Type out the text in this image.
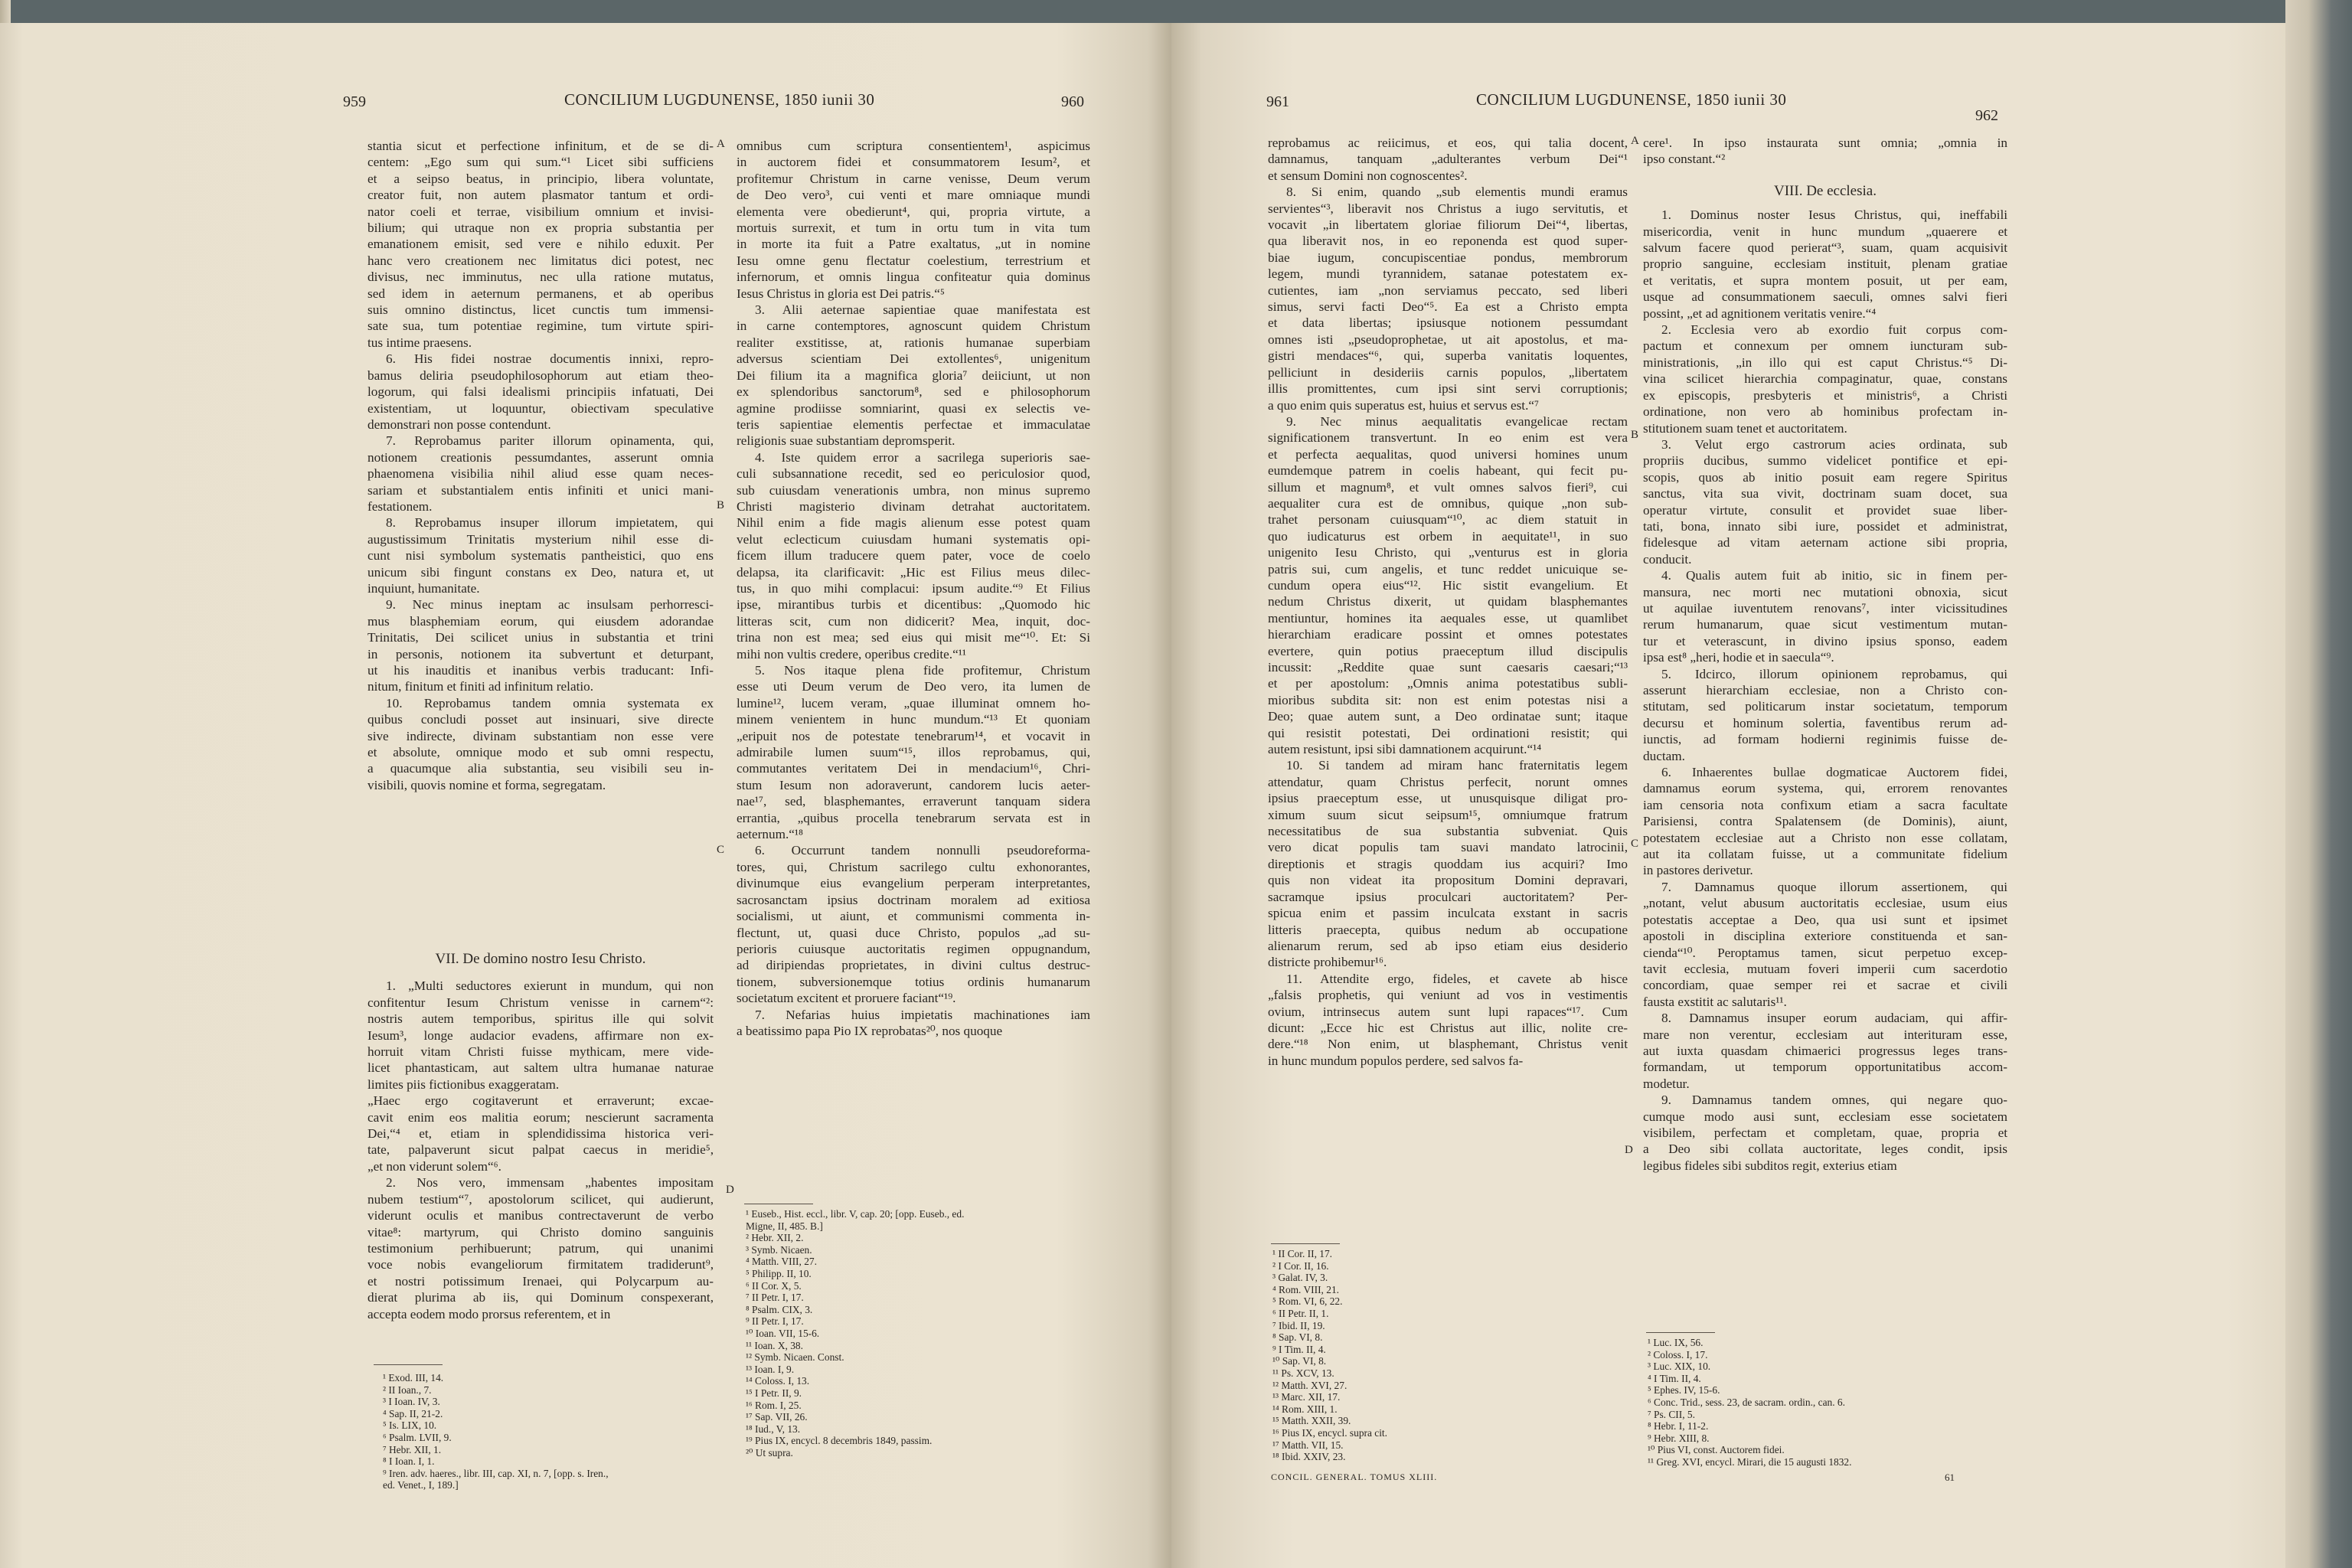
959	CONCILIUM LUGDUNENSE, 1850 iunii 30	960

stantia sicut et perfectione infinitum, et de se di-

centem: „Ego sum qui sum.“¹ Licet sibi sufficiens

et a seipso beatus, in principio, libera voluntate,

creator fuit, non autem plasmator tantum et ordi-

nator coeli et terrae, visibilium omnium et invisi-

bilium; qui utraque non ex propria substantia per

emanationem emisit, sed vere e nihilo eduxit. Per

hanc vero creationem nec limitatus dici potest, nec

divisus, nec imminutus, nec ulla ratione mutatus,

sed idem in aeternum permanens, et ab operibus

suis omnino distinctus, licet cunctis tum immensi-

sate sua, tum potentiae regimine, tum virtute spiri-

tus intime praesens.

6. His fidei nostrae documentis innixi, repro-

bamus deliria pseudophilosophorum aut etiam theo-

logorum, qui falsi idealismi principiis infatuati, Dei

existentiam, ut loquuntur, obiectivam speculative

demonstrari non posse contendunt.

7. Reprobamus pariter illorum opinamenta, qui,

notionem creationis pessumdantes, asserunt omnia

phaenomena visibilia nihil aliud esse quam neces-

sariam et substantialem entis infiniti et unici mani-

festationem.

8. Reprobamus insuper illorum impietatem, qui

augustissimum Trinitatis mysterium nihil esse di-

cunt nisi symbolum systematis pantheistici, quo ens

unicum sibi fingunt constans ex Deo, natura et, ut

inquiunt, humanitate.

9. Nec minus ineptam ac insulsam perhorresci-

mus blasphemiam eorum, qui eiusdem adorandae

Trinitatis, Dei scilicet unius in substantia et trini

in personis, notionem ita subvertunt et deturpant,

ut his inauditis et inanibus verbis traducant: Infi-

nitum, finitum et finiti ad infinitum relatio.

10. Reprobamus tandem omnia systemata ex

quibus concludi posset aut insinuari, sive directe

sive indirecte, divinam substantiam non esse vere

et absolute, omnique modo et sub omni respectu,

a quacumque alia substantia, seu visibili seu in-

visibili, quovis nomine et forma, segregatam.

VII. De domino nostro Iesu Christo.

1. „Multi seductores exierunt in mundum, qui non

confitentur Iesum Christum venisse in carnem“²:

nostris autem temporibus, spiritus ille qui solvit

Iesum³, longe audacior evadens, affirmare non ex-

horruit vitam Christi fuisse mythicam, mere vide-

licet phantasticam, aut saltem ultra humanae naturae

limites piis fictionibus exaggeratam.

„Haec ergo cogitaverunt et erraverunt; excae-

cavit enim eos malitia eorum; nescierunt sacramenta

Dei,“⁴ et, etiam in splendidissima historica veri-

tate, palpaverunt sicut palpat caecus in meridie⁵,

„et non viderunt solem“⁶.

2. Nos vero, immensam „habentes impositam

nubem testium“⁷, apostolorum scilicet, qui audierunt,

viderunt oculis et manibus contrectaverunt de verbo

vitae⁸: martyrum, qui Christo domino sanguinis

testimonium perhibuerunt; patrum, qui unanimi

voce nobis evangeliorum firmitatem tradiderunt⁹,

et nostri potissimum Irenaei, qui Polycarpum au-

dierat plurima ab iis, qui Dominum conspexerant,

accepta eodem modo prorsus referentem, et in

¹ Exod. III, 14.
² II Ioan., 7.
³ I Ioan. IV, 3.
⁴ Sap. II, 21-2.
⁵ Is. LIX, 10.
⁶ Psalm. LVII, 9.
⁷ Hebr. XII, 1.
⁸ I Ioan. I, 1.
⁹ Iren. adv. haeres., libr. III, cap. XI, n. 7, [opp. s. Iren.,
ed. Venet., I, 189.]
A
B
C
D

omnibus cum scriptura consentientem¹, aspicimus

in auctorem fidei et consummatorem Iesum², et

profitemur Christum in carne venisse, Deum verum

de Deo vero³, cui venti et mare omniaque mundi

elementa vere obedierunt⁴, qui, propria virtute, a

mortuis surrexit, et tum in ortu tum in vita tum

in morte ita fuit a Patre exaltatus, „ut in nomine

Iesu omne genu flectatur coelestium, terrestrium et

infernorum, et omnis lingua confiteatur quia dominus

Iesus Christus in gloria est Dei patris.“⁵

3. Alii aeternae sapientiae quae manifestata est

in carne contemptores, agnoscunt quidem Christum

realiter exstitisse, at, rationis humanae superbiam

adversus scientiam Dei extollentes⁶, unigenitum

Dei filium ita a magnifica gloria⁷ deiiciunt, ut non

ex splendoribus sanctorum⁸, sed e philosophorum

agmine prodiisse somniarint, quasi ex selectis ve-

teris sapientiae elementis perfectae et immaculatae

religionis suae substantiam depromsperit.

4. Iste quidem error a sacrilega superioris sae-

culi subsannatione recedit, sed eo periculosior quod,

sub cuiusdam venerationis umbra, non minus supremo

Christi magisterio divinam detrahat auctoritatem.

Nihil enim a fide magis alienum esse potest quam

velut eclecticum cuiusdam humani systematis opi-

ficem illum traducere quem pater, voce de coelo

delapsa, ita clarificavit: „Hic est Filius meus dilec-

tus, in quo mihi complacui: ipsum audite.“⁹ Et Filius

ipse, mirantibus turbis et dicentibus: „Quomodo hic

litteras scit, cum non didicerit? Mea, inquit, doc-

trina non est mea; sed eius qui misit me“¹⁰. Et: Si

mihi non vultis credere, operibus credite.“¹¹

5. Nos itaque plena fide profitemur, Christum

esse uti Deum verum de Deo vero, ita lumen de

lumine¹², lucem veram, „quae illuminat omnem ho-

minem venientem in hunc mundum.“¹³ Et quoniam

„eripuit nos de potestate tenebrarum¹⁴, et vocavit in

admirabile lumen suum“¹⁵, illos reprobamus, qui,

commutantes veritatem Dei in mendacium¹⁶, Chri-

stum Iesum non adoraverunt, candorem lucis aeter-

nae¹⁷, sed, blasphemantes, erraverunt tanquam sidera

errantia, „quibus procella tenebrarum servata est in

aeternum.“¹⁸

6. Occurrunt tandem nonnulli pseudoreforma-

tores, qui, Christum sacrilego cultu exhonorantes,

divinumque eius evangelium perperam interpretantes,

sacrosanctam ipsius doctrinam moralem ad exitiosa

socialismi, ut aiunt, et communismi commenta in-

flectunt, ut, quasi duce Christo, populos „ad su-

perioris cuiusque auctoritatis regimen oppugnandum,

ad diripiendas proprietates, in divini cultus destruc-

tionem, subversionemque totius ordinis humanarum

societatum excitent et proruere faciant“¹⁹.

7. Nefarias huius impietatis machinationes iam

a beatissimo papa Pio IX reprobatas²⁰, nos quoque

¹ Euseb., Hist. eccl., libr. V, cap. 20; [opp. Euseb., ed.
Migne, II, 485. B.]
² Hebr. XII, 2.
³ Symb. Nicaen.
⁴ Matth. VIII, 27.
⁵ Philipp. II, 10.
⁶ II Cor. X, 5.
⁷ II Petr. I, 17.
⁸ Psalm. CIX, 3.
⁹ II Petr. I, 17.
¹⁰ Ioan. VII, 15-6.
¹¹ Ioan. X, 38.
¹² Symb. Nicaen. Const.
¹³ Ioan. I, 9.
¹⁴ Coloss. I, 13.
¹⁵ I Petr. II, 9.
¹⁶ Rom. I, 25.
¹⁷ Sap. VII, 26.
¹⁸ Iud., V, 13.
¹⁹ Pius IX, encycl. 8 decembris 1849, passim.
²⁰ Ut supra.
961	CONCILIUM LUGDUNENSE, 1850 iunii 30
962

reprobamus ac reiicimus, et eos, qui talia docent,

damnamus, tanquam „adulterantes verbum Dei“¹

et sensum Domini non cognoscentes².

8. Si enim, quando „sub elementis mundi eramus

servientes“³, liberavit nos Christus a iugo servitutis, et

vocavit „in libertatem gloriae filiorum Dei“⁴, libertas,

qua liberavit nos, in eo reponenda est quod super-

biae iugum, concupiscentiae pondus, membrorum

legem, mundi tyrannidem, satanae potestatem ex-

cutientes, iam „non serviamus peccato, sed liberi

simus, servi facti Deo“⁵. Ea est a Christo empta

et data libertas; ipsiusque notionem pessumdant

omnes isti „pseudoprophetae, ut ait apostolus, et ma-

gistri mendaces“⁶, qui, superba vanitatis loquentes,

pelliciunt in desideriis carnis populos, „libertatem

illis promittentes, cum ipsi sint servi corruptionis;

a quo enim quis superatus est, huius et servus est.“⁷

9. Nec minus aequalitatis evangelicae rectam

significationem transvertunt. In eo enim est vera

et perfecta aequalitas, quod universi homines unum

eumdemque patrem in coelis habeant, qui fecit pu-

sillum et magnum⁸, et vult omnes salvos fieri⁹, cui

aequaliter cura est de omnibus, quique „non sub-

trahet personam cuiusquam“¹⁰, ac diem statuit in

quo iudicaturus est orbem in aequitate¹¹, in suo

unigenito Iesu Christo, qui „venturus est in gloria

patris sui, cum angelis, et tunc reddet unicuique se-

cundum opera eius“¹². Hic sistit evangelium. Et

nedum Christus dixerit, ut quidam blasphemantes

mentiuntur, homines ita aequales esse, ut quamlibet

hierarchiam eradicare possint et omnes potestates

evertere, quin potius praeceptum illud discipulis

incussit: „Reddite quae sunt caesaris caesari;“¹³

et per apostolum: „Omnis anima potestatibus subli-

mioribus subdita sit: non est enim potestas nisi a

Deo; quae autem sunt, a Deo ordinatae sunt; itaque

qui resistit potestati, Dei ordinationi resistit; qui

autem resistunt, ipsi sibi damnationem acquirunt.“¹⁴

10. Si tandem ad miram hanc fraternitatis legem

attendatur, quam Christus perfecit, norunt omnes

ipsius praeceptum esse, ut unusquisque diligat pro-

ximum suum sicut seipsum¹⁵, omniumque fratrum

necessitatibus de sua substantia subveniat. Quis

vero dicat populis tam suavi mandato latrocinii,

direptionis et stragis quoddam ius acquiri? Imo

quis non videat ita propositum Domini depravari,

sacramque ipsius proculcari auctoritatem? Per-

spicua enim et passim inculcata exstant in sacris

litteris praecepta, quibus nedum ab occupatione

alienarum rerum, sed ab ipso etiam eius desiderio

districte prohibemur¹⁶.

11. Attendite ergo, fideles, et cavete ab hisce

„falsis prophetis, qui veniunt ad vos in vestimentis

ovium, intrinsecus autem sunt lupi rapaces“¹⁷. Cum

dicunt: „Ecce hic est Christus aut illic, nolite cre-

dere.“¹⁸ Non enim, ut blasphemant, Christus venit

in hunc mundum populos perdere, sed salvos fa-

¹ II Cor. II, 17.
² I Cor. II, 16.
³ Galat. IV, 3.
⁴ Rom. VIII, 21.
⁵ Rom. VI, 6, 22.
⁶ II Petr. II, 1.
⁷ Ibid. II, 19.
⁸ Sap. VI, 8.
⁹ I Tim. II, 4.
¹⁰ Sap. VI, 8.
¹¹ Ps. XCV, 13.
¹² Matth. XVI, 27.
¹³ Marc. XII, 17.
¹⁴ Rom. XIII, 1.
¹⁵ Matth. XXII, 39.
¹⁶ Pius IX, encycl. supra cit.
¹⁷ Matth. VII, 15.
¹⁸ Ibid. XXIV, 23.
CONCIL. GENERAL. TOMUS XLIII.
A
B
C
D

cere¹. In ipso instaurata sunt omnia; „omnia in

ipso constant.“²

VIII. De ecclesia.

1. Dominus noster Iesus Christus, qui, ineffabili

misericordia, venit in hunc mundum „quaerere et

salvum facere quod perierat“³, suam, quam acquisivit

proprio sanguine, ecclesiam instituit, plenam gratiae

et veritatis, et supra montem posuit, ut per eam,

usque ad consummationem saeculi, omnes salvi fieri

possint, „et ad agnitionem veritatis venire.“⁴

2. Ecclesia vero ab exordio fuit corpus com-

pactum et connexum per omnem iuncturam sub-

ministrationis, „in illo qui est caput Christus.“⁵ Di-

vina scilicet hierarchia compaginatur, quae, constans

ex episcopis, presbyteris et ministris⁶, a Christi

ordinatione, non vero ab hominibus profectam in-

stitutionem suam tenet et auctoritatem.

3. Velut ergo castrorum acies ordinata, sub

propriis ducibus, summo videlicet pontifice et epi-

scopis, quos ab initio posuit eam regere Spiritus

sanctus, vita sua vivit, doctrinam suam docet, sua

operatur virtute, consulit et providet suae liber-

tati, bona, innato sibi iure, possidet et administrat,

fidelesque ad vitam aeternam actione sibi propria,

conducit.

4. Qualis autem fuit ab initio, sic in finem per-

mansura, nec morti nec mutationi obnoxia, sicut

ut aquilae iuventutem renovans⁷, inter vicissitudines

rerum humanarum, quae sicut vestimentum mutan-

tur et veterascunt, in divino ipsius sponso, eadem

ipsa est⁸ „heri, hodie et in saecula“⁹.

5. Idcirco, illorum opinionem reprobamus, qui

asserunt hierarchiam ecclesiae, non a Christo con-

stitutam, sed politicarum instar societatum, temporum

decursu et hominum solertia, faventibus rerum ad-

iunctis, ad formam hodierni reginimis fuisse de-

ductam.

6. Inhaerentes bullae dogmaticae Auctorem fidei,

damnamus eorum systema, qui, errorem renovantes

iam censoria nota confixum etiam a sacra facultate

Parisiensi, contra Spalatensem (de Dominis), aiunt,

potestatem ecclesiae aut a Christo non esse collatam,

aut ita collatam fuisse, ut a communitate fidelium

in pastores derivetur.

7. Damnamus quoque illorum assertionem, qui

„notant, velut abusum auctoritatis ecclesiae, usum eius

potestatis acceptae a Deo, qua usi sunt et ipsimet

apostoli in disciplina exteriore constituenda et san-

cienda“¹⁰. Peroptamus tamen, sicut perpetuo excep-

tavit ecclesia, mutuam foveri imperii cum sacerdotio

concordiam, quae semper rei et sacrae et civili

fausta exstitit ac salutaris¹¹.

8. Damnamus insuper eorum audaciam, qui affir-

mare non verentur, ecclesiam aut interituram esse,

aut iuxta quasdam chimaerici progressus leges trans-

formandam, ut temporum opportunitatibus accom-

modetur.

9. Damnamus tandem omnes, qui negare quo-

cumque modo ausi sunt, ecclesiam esse societatem

visibilem, perfectam et completam, quae, propria et

a Deo sibi collata auctoritate, leges condit, ipsis

legibus fideles sibi subditos regit, exterius etiam

¹ Luc. IX, 56.
² Coloss. I, 17.
³ Luc. XIX, 10.
⁴ I Tim. II, 4.
⁵ Ephes. IV, 15-6.
⁶ Conc. Trid., sess. 23, de sacram. ordin., can. 6.
⁷ Ps. CII, 5.
⁸ Hebr. I, 11-2.
⁹ Hebr. XIII, 8.
¹⁰ Pius VI, const. Auctorem fidei.
¹¹ Greg. XVI, encycl. Mirari, die 15 augusti 1832.
61
